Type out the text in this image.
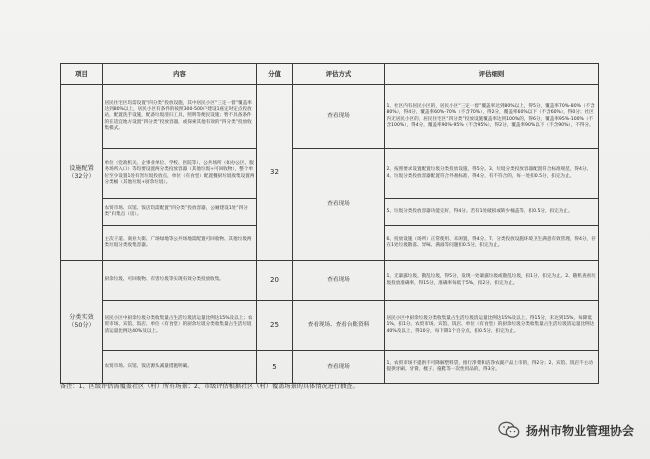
项目	内容	分值	评估方式	评估细则

设施配置（32分）	居民住宅区均需设置“四分类”投放设施，其中居民小区“三定一督”覆盖率达到80%以上，居民小区有条件的按照300-500户建设1座定时定点投放站，配置洗手设施，配备垃圾清扫工具，照明等便民设施；暂不具备条件的在适宜地方设置“四分类”投放容器，或探索其他有效的“四分类”投放收集模式。	32	查看现场	1、社区内有居民小区的，居民小区“三定一督”覆盖率达到80%以上，得5分，覆盖率70%-80%（不含80%），得4分，覆盖率60%-70%（不含70%），得2分，覆盖率60%以下（不含60%），得0分；社区内无居民小区的，居民住宅区“四分类”投放设施覆盖率达到100%的，得6分，覆盖率95%-100%（不含100%），得4分，覆盖率90%-95%（不含95%），得2分，覆盖率90%以下（不含90%），不得分。

	单位（党政机关、企事业单位、学校、医院等）、公共场所（如办公区、服务场所入口）等均要设置两分类投放容器（其他垃圾+可回收物），整个单位至少设置1处有害垃圾投放点，单位（有食堂）配置餐厨垃圾收集设置两分类桶（其他垃圾+厨余垃圾）。		查看现场	2、按照要求设置配置垃圾分类投放设施，得5分。3、垃圾分类投放容器配置符合标准规范，得4分。4、垃圾分类投放容器配置符合外观标准，得4分，有不符合的，每一处扣0.5分，扣完为止。

	农贸市场、宾馆、饭店均需配置“四分类”投放容器，公厕建设1处“四分类”归集点（房）。			5、垃圾分类投放容器功能完好，得4分。若有1处破损或缺少桶盖等，扣0.5分，扣完为止。

	主次干道、商业大街、广场绿地等公共场地需配置可回收物、其他垃圾两类垃圾分类收集容器。			6、投放设施（场所）正常使用、未闲置，得4分。7、分类投放设施环境卫生满意有效管理，得4分，存在1处垃圾散落、异味、满溢等问题扣0.5分，扣完为止。

分类实效（50分）	厨余垃圾、可回收物、有害垃圾等实现有效分类投放收集。	20	查看现场	1、无暴露垃圾、散乱垃圾，得5分，发现一处暴露垃圾或散乱垃圾，扣1分，扣完为止。2、随机查看垃圾投放准确率，得15分，准确率每低于5%，扣2分，扣完为止。

	居民小区中厨余垃圾分类收集量占生活垃圾清运量比例达15%及以上；农贸市场、宾馆、饭店、单位（有食堂）的厨余垃圾分类收集量占生活垃圾清运量比例达40%及以上。	25	查看现场、查看台账资料	居民小区中厨余垃圾分类收集量占生活垃圾清运量比例达15%及以上，得15分，未达到15%，每降低1%，扣1分。农贸市场、宾馆、饭店、单位（有食堂）的厨余垃圾分类收集量占生活垃圾清运量比例达40%及以上，得10分，每下降1个百分点，扣0.5分，扣完为止。

	农贸市场、宾馆、饭店源头减量措施明确。	5	查看现场	1、农贸市场不提供不可降解塑料袋，推行净菜和洁净农副产品上市的，得2分；2、宾馆、饭店不主动提供牙刷、牙膏、梳子、拖鞋等一次性用品的，得3分。
备注：1、区级评估需覆盖社区（村）所有场景；2、市级评估根据社区（村）覆盖场景的具体情况进行抽查。
扬州市物业管理协会
